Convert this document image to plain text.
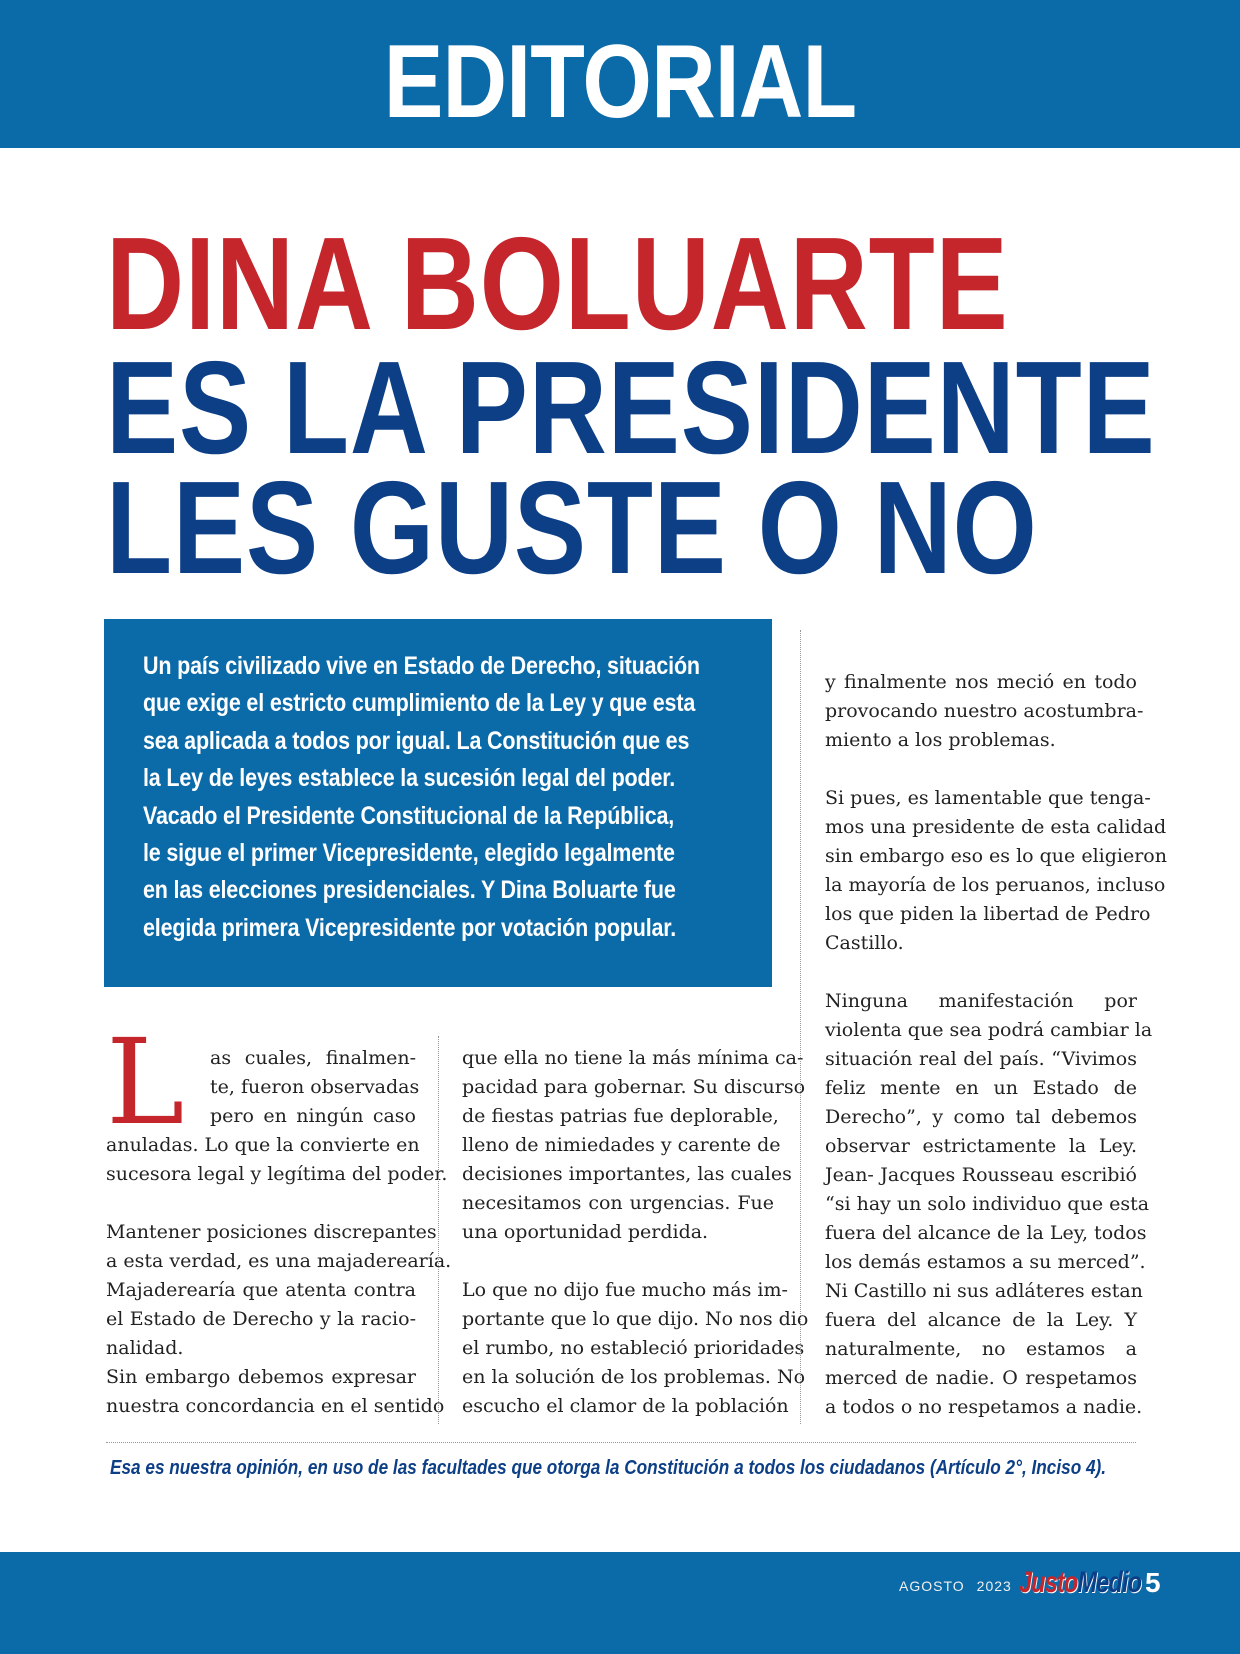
EDITORIAL
DINA BOLUARTE
ES LA PRESIDENTE
LES GUSTE O NO
Un país civilizado vive en Estado de Derecho, situación
que exige el estricto cumplimiento de la Ley y que esta
sea aplicada a todos por igual. La Constitución que es
la Ley de leyes establece la sucesión legal del poder.
Vacado el Presidente Constitucional de la República,
le sigue el primer Vicepresidente, elegido legalmente
en las elecciones presidenciales. Y Dina Boluarte fue
elegida primera Vicepresidente por votación popular.
L	as cuales, finalmen-
te, fueron observadas
pero en ningún caso
anuladas. Lo que la convierte en
sucesora legal y legítima del poder.
Mantener posiciones discrepantes
a esta verdad, es una majaderearía.
Majaderearía que atenta contra
el Estado de Derecho y la racio-
nalidad.
Sin embargo debemos expresar
nuestra concordancia en el sentido
que ella no tiene la más mínima ca-
pacidad para gobernar. Su discurso
de fiestas patrias fue deplorable,
lleno de nimiedades y carente de
decisiones importantes, las cuales
necesitamos con urgencias. Fue
una oportunidad perdida.
Lo que no dijo fue mucho más im-
portante que lo que dijo. No nos dio
el rumbo, no estableció prioridades
en la solución de los problemas. No
escucho el clamor de la población
y finalmente nos meció en todo
provocando nuestro acostumbra-
miento a los problemas.
Si pues, es lamentable que tenga-
mos una presidente de esta calidad
sin embargo eso es lo que eligieron
la mayoría de los peruanos, incluso
los que piden la libertad de Pedro
Castillo.
Ninguna manifestación por
violenta que sea podrá cambiar la
situación real del país. “Vivimos
feliz mente en un Estado de
Derecho”, y como tal debemos
observar estrictamente la Ley.
Jean- Jacques Rousseau escribió
“si hay un solo individuo que esta
fuera del alcance de la Ley, todos
los demás estamos a su merced”.
Ni Castillo ni sus adláteres estan
fuera del alcance de la Ley. Y
naturalmente, no estamos a
merced de nadie. O respetamos
a todos o no respetamos a nadie.
Esa es nuestra opinión, en uso de las facultades que otorga la Constitución a todos los ciudadanos (Artículo 2°, Inciso 4).
AGOSTO 2023 JustoMedio 5
